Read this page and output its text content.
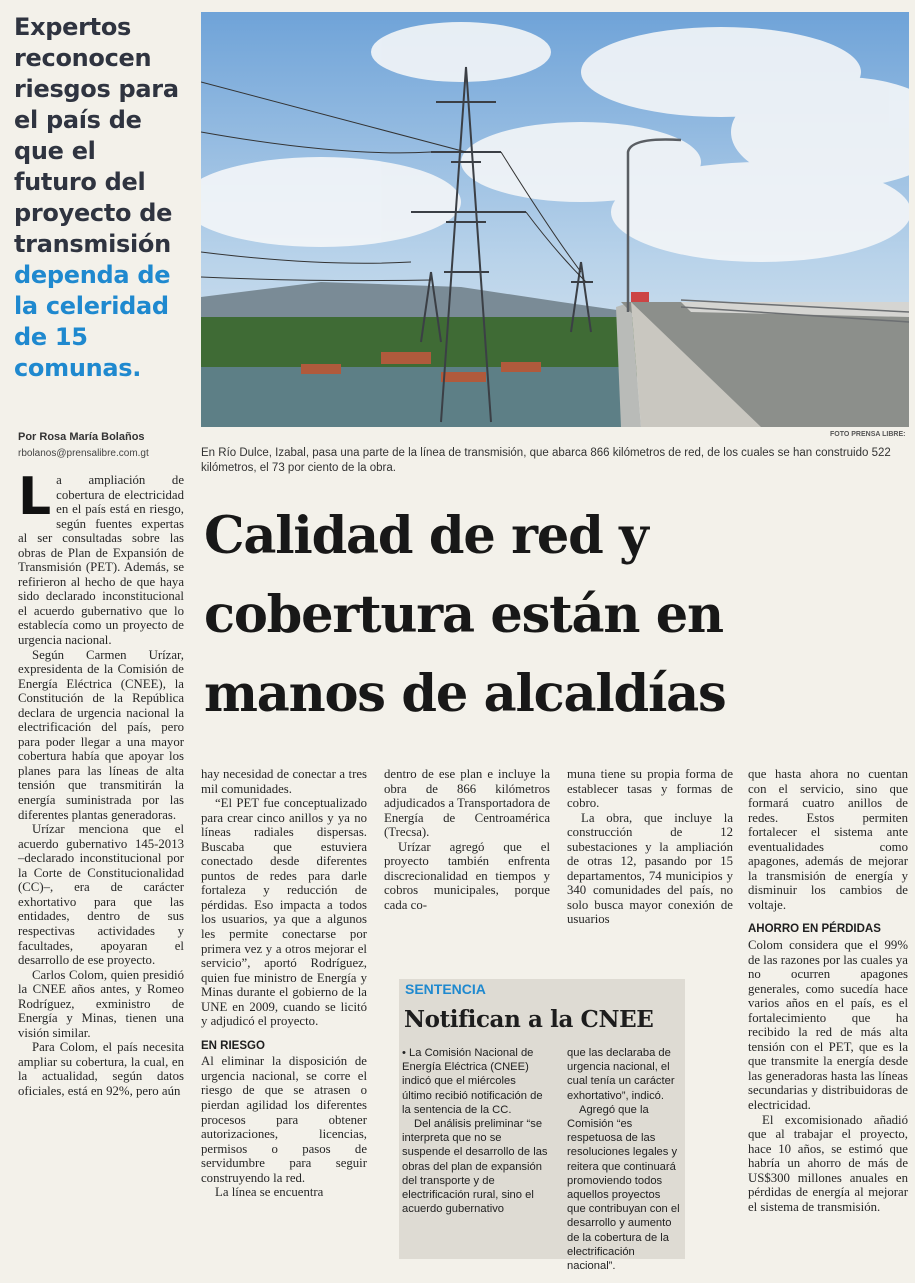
Expertos reconocen riesgos para el país de que el futuro del proyecto de transmisión
dependa de la celeridad de 15 comunas.
Por Rosa María Bolaños
rbolanos@prensalibre.com.gt
FOTO PRENSA LIBRE:
En Río Dulce, Izabal, pasa una parte de la línea de transmisión, que abarca 866 kilómetros de red, de los cuales se han construido 522 kilómetros, el 73 por ciento de la obra.
Calidad de red y cobertura están en manos de alcaldías
L a ampliación de cobertura de electricidad en el país está en riesgo, según fuentes expertas al ser consultadas sobre las obras de Plan de Expansión de Transmisión (PET). Además, se refirieron al hecho de que haya sido declarado inconstitucional el acuerdo gubernativo que lo establecía como un proyecto de urgencia nacional.

Según Carmen Urízar, expresidenta de la Comisión de Energía Eléctrica (CNEE), la Constitución de la República declara de urgencia nacional la electrificación del país, pero para poder llegar a una mayor cobertura había que apoyar los planes para las líneas de alta tensión que transmitirán la energía suministrada por las diferentes plantas generadoras.

Urízar menciona que el acuerdo gubernativo 145-2013 –declarado inconstitucional por la Corte de Constitucionalidad (CC)–, era de carácter exhortativo para que las entidades, dentro de sus respectivas actividades y facultades, apoyaran el desarrollo de ese proyecto.

Carlos Colom, quien presidió la CNEE años antes, y Romeo Rodríguez, exministro de Energía y Minas, tienen una visión similar.

Para Colom, el país necesita ampliar su cobertura, la cual, en la actualidad, según datos oficiales, está en 92%, pero aún

hay necesidad de conectar a tres mil comunidades.

“El PET fue conceptualizado para crear cinco anillos y ya no líneas radiales dispersas. Buscaba que estuviera conectado desde diferentes puntos de redes para darle fortaleza y reducción de pérdidas. Eso impacta a todos los usuarios, ya que a algunos les permite conectarse por primera vez y a otros mejorar el servicio”, aportó Rodríguez, quien fue ministro de Energía y Minas durante el gobierno de la UNE en 2009, cuando se licitó y adjudicó el proyecto.

EN RIESGO

Al eliminar la disposición de urgencia nacional, se corre el riesgo de que se atrasen o pierdan agilidad los diferentes procesos para obtener autorizaciones, licencias, permisos o pasos de servidumbre para seguir construyendo la red.

La línea se encuentra

dentro de ese plan e incluye la obra de 866 kilómetros adjudicados a Transportadora de Energía de Centroamérica (Trecsa).

Urízar agregó que el proyecto también enfrenta discrecionalidad en tiempos y cobros municipales, porque cada co-

muna tiene su propia forma de establecer tasas y formas de cobro.

La obra, que incluye la construcción de 12 subestaciones y la ampliación de otras 12, pasando por 15 departamentos, 74 municipios y 340 comunidades del país, no solo busca mayor conexión de usuarios

que hasta ahora no cuentan con el servicio, sino que formará cuatro anillos de redes. Estos permiten fortalecer el sistema ante eventualidades como apagones, además de mejorar la transmisión de energía y disminuir los cambios de voltaje.

AHORRO EN PÉRDIDAS

Colom considera que el 99% de las razones por las cuales ya no ocurren apagones generales, como sucedía hace varios años en el país, es el fortalecimiento que ha recibido la red de más alta tensión con el PET, que es la que transmite la energía desde las generadoras hasta las líneas secundarias y distribuidoras de electricidad.

El excomisionado añadió que al trabajar el proyecto, hace 10 años, se estimó que habría un ahorro de más de US$300 millones anuales en pérdidas de energía al mejorar el sistema de transmisión.

SENTENCIA
Notifican a la CNEE

• La Comisión Nacional de Energía Eléctrica (CNEE) indicó que el miércoles último recibió notificación de la sentencia de la CC.

Del análisis preliminar “se interpreta que no se suspende el desarrollo de las obras del plan de expansión del transporte y de electrificación rural, sino el acuerdo gubernativo

que las declaraba de urgencia nacional, el cual tenía un carácter exhortativo”, indicó.

Agregó que la Comisión “es respetuosa de las resoluciones legales y reitera que continuará promoviendo todos aquellos proyectos que contribuyan con el desarrollo y aumento de la cobertura de la electrificación nacional”.
